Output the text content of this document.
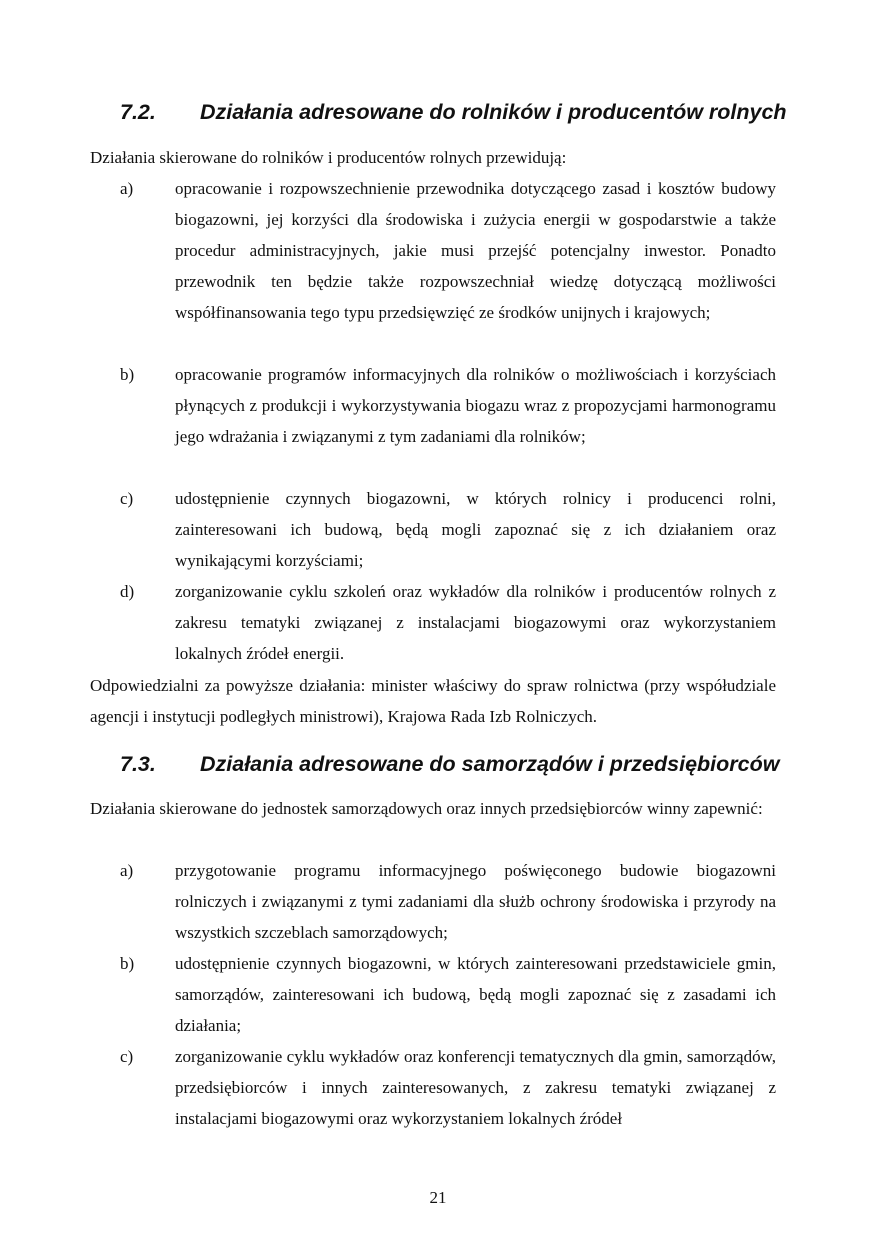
7.2. Działania adresowane do rolników i producentów rolnych

Działania skierowane do rolników i producentów rolnych przewidują:

a)	opracowanie i rozpowszechnienie przewodnika dotyczącego zasad i kosztów budowy biogazowni, jej korzyści dla środowiska i zużycia energii w gospodarstwie a także procedur administracyjnych, jakie musi przejść potencjalny inwestor. Ponadto przewodnik ten będzie także rozpowszechniał wiedzę dotyczącą możliwości współfinansowania tego typu przedsięwzięć ze środków unijnych i krajowych;
b)	opracowanie programów informacyjnych dla rolników o możliwościach i korzyściach płynących z produkcji i wykorzystywania biogazu wraz z propozycjami harmonogramu jego wdrażania i związanymi z tym zadaniami dla rolników;
c)	udostępnienie czynnych biogazowni, w których rolnicy i producenci rolni, zainteresowani ich budową, będą mogli zapoznać się z ich działaniem oraz wynikającymi korzyściami;
d)	zorganizowanie cyklu szkoleń oraz wykładów dla rolników i producentów rolnych z zakresu tematyki związanej z instalacjami biogazowymi oraz wykorzystaniem lokalnych źródeł energii.

Odpowiedzialni za powyższe działania: minister właściwy do spraw rolnictwa (przy współudziale agencji i instytucji podległych ministrowi), Krajowa Rada Izb Rolniczych.

7.3. Działania adresowane do samorządów i przedsiębiorców

Działania skierowane do jednostek samorządowych oraz innych przedsiębiorców winny zapewnić:

a)	przygotowanie programu informacyjnego poświęconego budowie biogazowni rolniczych i związanymi z tymi zadaniami dla służb ochrony środowiska i przyrody na wszystkich szczeblach samorządowych;
b)	udostępnienie czynnych biogazowni, w których zainteresowani przedstawiciele gmin, samorządów, zainteresowani ich budową, będą mogli zapoznać się z zasadami ich działania;
c)	zorganizowanie cyklu wykładów oraz konferencji tematycznych dla gmin, samorządów, przedsiębiorców i innych zainteresowanych, z zakresu tematyki związanej z instalacjami biogazowymi oraz wykorzystaniem lokalnych źródeł
21
